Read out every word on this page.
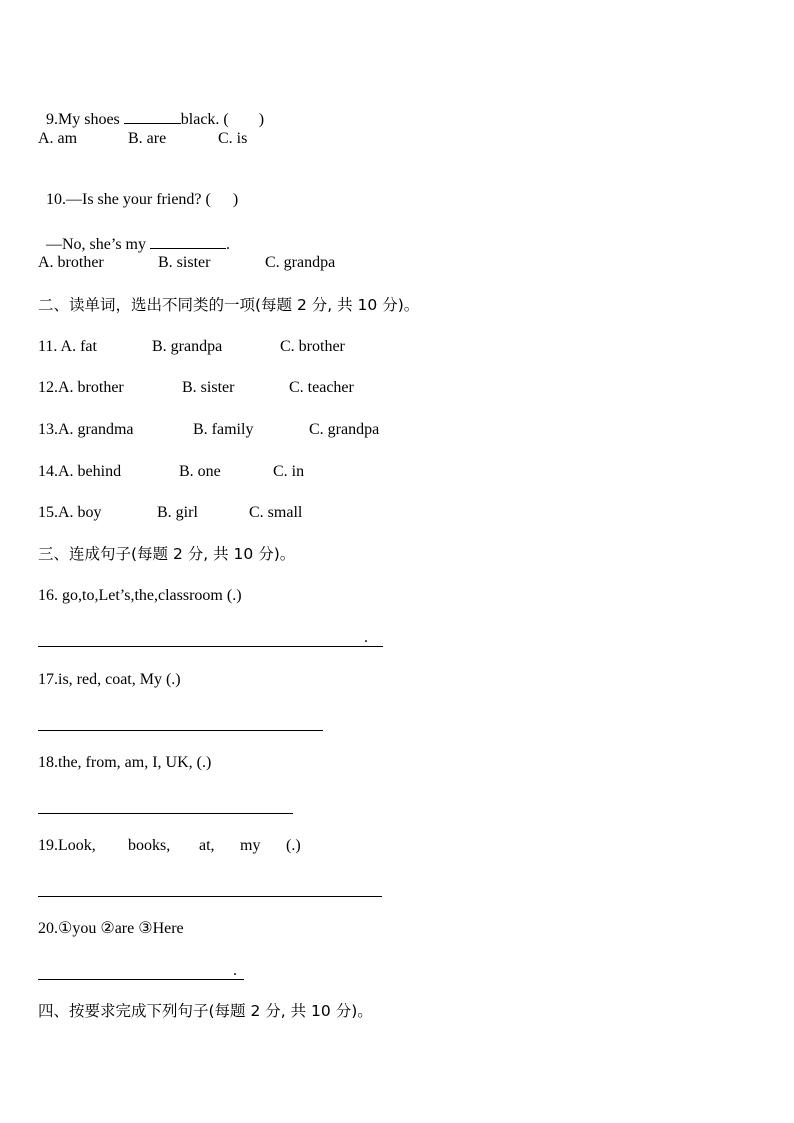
9.My shoes	black. ( )

A. am	B. are	C. is

10.—Is she your friend? ( )

—No, she’s my	.

A. brother	B. sister	C. grandpa
二、读单词，选出不同类的一项(每题 2 分, 共 10 分)。
11. A. fat	B. grandpa	C. brother
12.A. brother	B. sister	C. teacher
13.A. grandma	B. family	C. grandpa
14.A. behind	B. one	C. in
15.A. boy	B. girl	C. small
三、连成句子(每题 2 分, 共 10 分)。
16. go,to,Let’s,the,classroom (.)
.
17.is, red, coat, My (.)
18.the, from, am, I, UK, (.)
19.Look, books, at, my (.)
20.①you ②are ③Here
.
四、按要求完成下列句子(每题 2 分, 共 10 分)。
